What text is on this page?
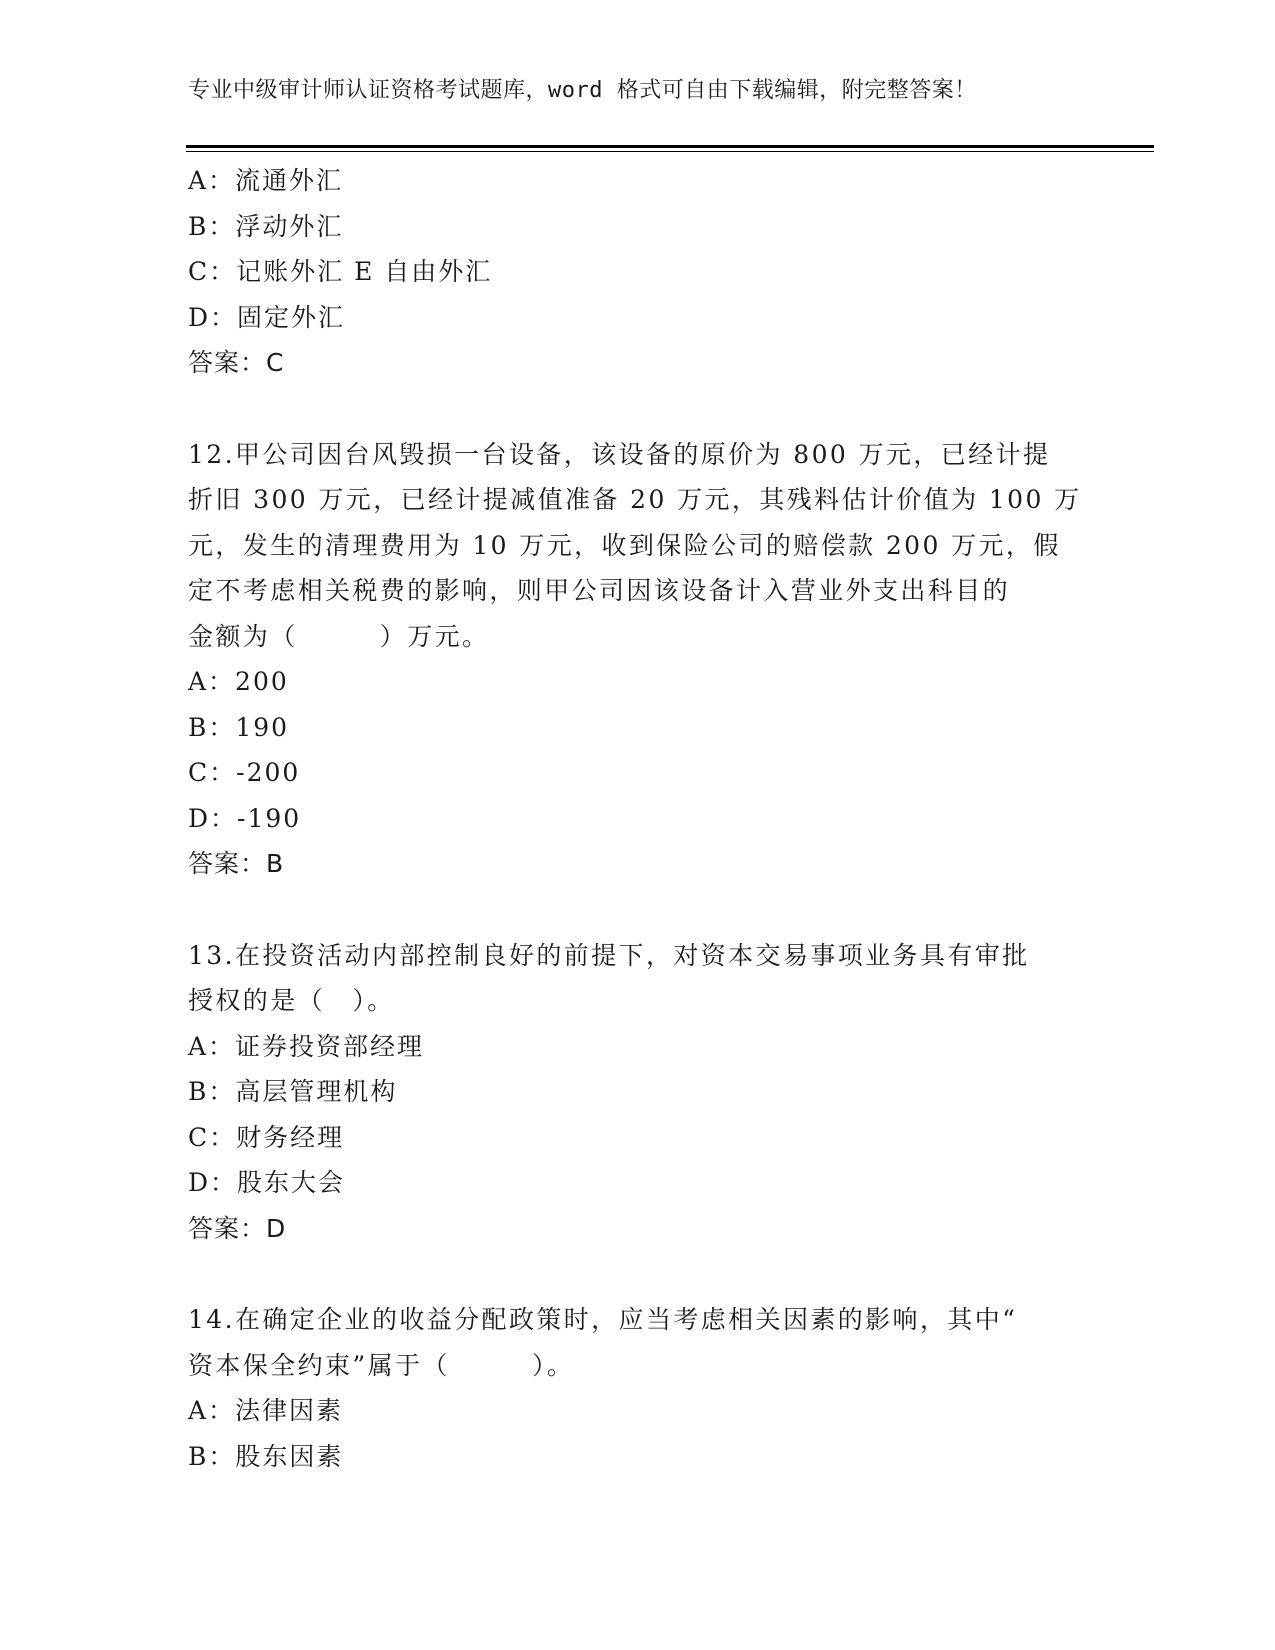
专业中级审计师认证资格考试题库，word 格式可自由下载编辑，附完整答案！
A：流通外汇
B：浮动外汇
C：记账外汇 E 自由外汇
D：固定外汇
答案：C
12.甲公司因台风毁损一台设备，该设备的原价为 800 万元，已经计提
折旧 300 万元，已经计提减值准备 20 万元，其残料估计价值为 100 万
元，发生的清理费用为 10 万元，收到保险公司的赔偿款 200 万元，假
定不考虑相关税费的影响，则甲公司因该设备计入营业外支出科目的
金额为（　　　）万元。
A：200
B：190
C：-200
D：-190
答案：B
13.在投资活动内部控制良好的前提下，对资本交易事项业务具有审批
授权的是（　）。
A：证券投资部经理
B：高层管理机构
C：财务经理
D：股东大会
答案：D
14.在确定企业的收益分配政策时，应当考虑相关因素的影响，其中“
资本保全约束”属于（　　　）。
A：法律因素
B：股东因素
